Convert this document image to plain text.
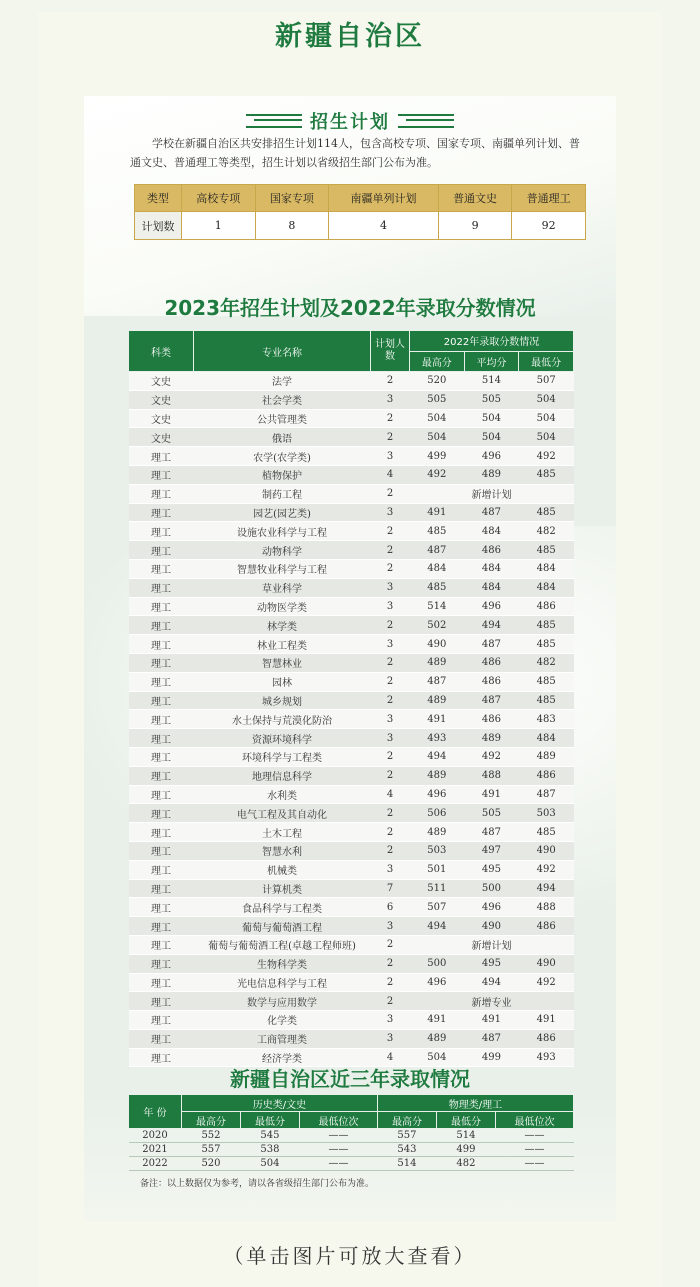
新疆自治区
招生计划
学校在新疆自治区共安排招生计划114人，包含高校专项、国家专项、南疆单列计划、普通文史、普通理工等类型，招生计划以省级招生部门公布为准。
类型	高校专项	国家专项	南疆单列计划	普通文史	普通理工
计划数	1	8	4	9	92
2023年招生计划及2022年录取分数情况
科类	专业名称	计划人数	2022年录取分数情况		
			最高分	平均分	最低分
文史	法学	2	520	514	507
文史	社会学类	3	505	505	504
文史	公共管理类	2	504	504	504
文史	俄语	2	504	504	504
理工	农学(农学类)	3	499	496	492
理工	植物保护	4	492	489	485
理工	制药工程	2	新增计划		
理工	园艺(园艺类)	3	491	487	485
理工	设施农业科学与工程	2	485	484	482
理工	动物科学	2	487	486	485
理工	智慧牧业科学与工程	2	484	484	484
理工	草业科学	3	485	484	484
理工	动物医学类	3	514	496	486
理工	林学类	2	502	494	485
理工	林业工程类	3	490	487	485
理工	智慧林业	2	489	486	482
理工	园林	2	487	486	485
理工	城乡规划	2	489	487	485
理工	水土保持与荒漠化防治	3	491	486	483
理工	资源环境科学	3	493	489	484
理工	环境科学与工程类	2	494	492	489
理工	地理信息科学	2	489	488	486
理工	水利类	4	496	491	487
理工	电气工程及其自动化	2	506	505	503
理工	土木工程	2	489	487	485
理工	智慧水利	2	503	497	490
理工	机械类	3	501	495	492
理工	计算机类	7	511	500	494
理工	食品科学与工程类	6	507	496	488
理工	葡萄与葡萄酒工程	3	494	490	486
理工	葡萄与葡萄酒工程(卓越工程师班)	2	新增计划		
理工	生物科学类	2	500	495	490
理工	光电信息科学与工程	2	496	494	492
理工	数学与应用数学	2	新增专业		
理工	化学类	3	491	491	491
理工	工商管理类	3	489	487	486
理工	经济学类	4	504	499	493
新疆自治区近三年录取情况
年 份	历史类/文史			物理类/理工		
	最高分	最低分	最低位次	最高分	最低分	最低位次
2020	552	545	——	557	514	——
2021	557	538	——	543	499	——
2022	520	504	——	514	482	——
备注：以上数据仅为参考，请以各省级招生部门公布为准。
（单击图片可放大查看）
